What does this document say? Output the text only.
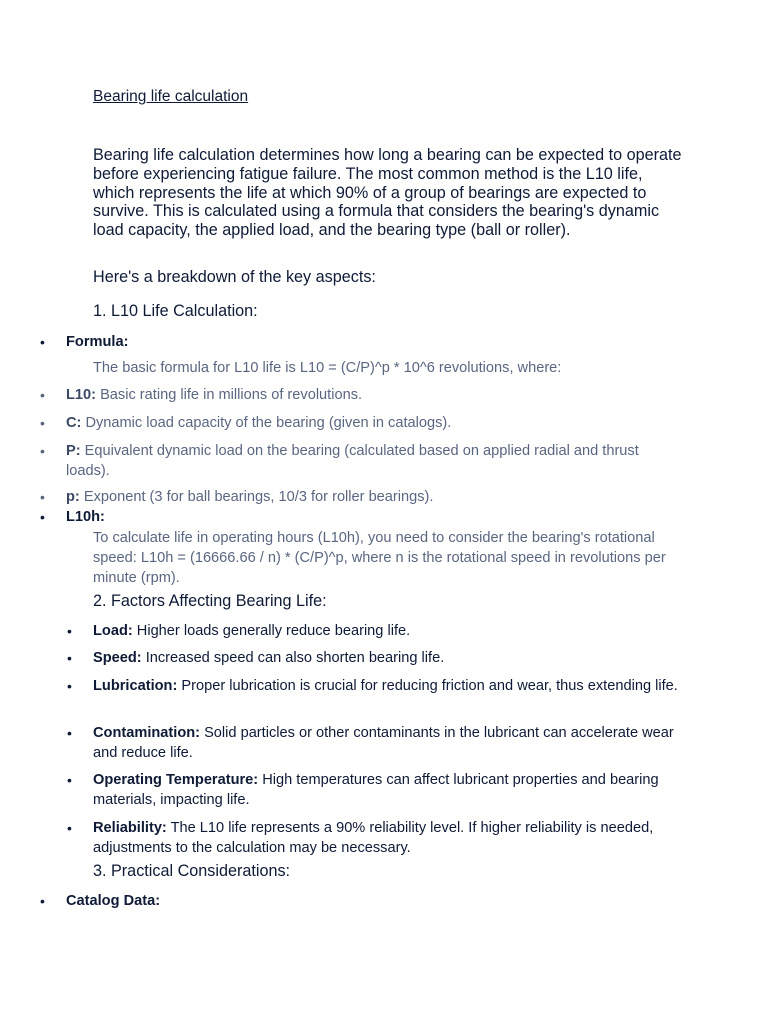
Bearing life calculation
Bearing life calculation determines how long a bearing can be expected to operate before experiencing fatigue failure. The most common method is the L10 life, which represents the life at which 90% of a group of bearings are expected to survive. This is calculated using a formula that considers the bearing's dynamic load capacity, the applied load, and the bearing type (ball or roller).
Here's a breakdown of the key aspects:
1. L10 Life Calculation:
• Formula:
The basic formula for L10 life is L10 = (C/P)^p * 10^6 revolutions, where:
• L10: Basic rating life in millions of revolutions.
• C: Dynamic load capacity of the bearing (given in catalogs).
• P: Equivalent dynamic load on the bearing (calculated based on applied radial and thrust loads).
• p: Exponent (3 for ball bearings, 10/3 for roller bearings).
• L10h:
To calculate life in operating hours (L10h), you need to consider the bearing's rotational speed: L10h = (16666.66 / n) * (C/P)^p, where n is the rotational speed in revolutions per minute (rpm).
2. Factors Affecting Bearing Life:
• Load: Higher loads generally reduce bearing life.
• Speed: Increased speed can also shorten bearing life.
• Lubrication: Proper lubrication is crucial for reducing friction and wear, thus extending life.
• Contamination: Solid particles or other contaminants in the lubricant can accelerate wear and reduce life.
• Operating Temperature: High temperatures can affect lubricant properties and bearing materials, impacting life.
• Reliability: The L10 life represents a 90% reliability level. If higher reliability is needed, adjustments to the calculation may be necessary.
3. Practical Considerations:
• Catalog Data:
